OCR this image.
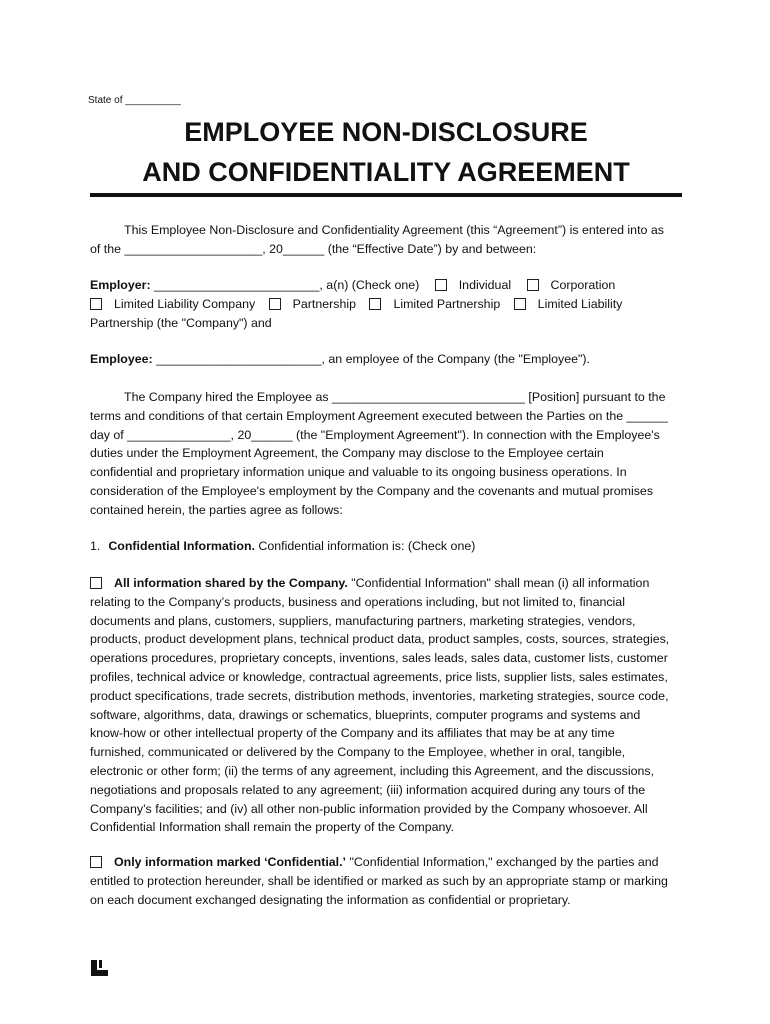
State of __________
EMPLOYEE NON-DISCLOSURE
AND CONFIDENTIALITY AGREEMENT

This Employee Non-Disclosure and Confidentiality Agreement (this “Agreement”) is entered into as
of the ____________________, 20______ (the “Effective Date”) by and between:

Employer: ________________________, a(n) (Check one)	Individual	Corporation
Limited Liability Company	Partnership	Limited Partnership	Limited Liability
Partnership (the "Company") and
Employee: ________________________, an employee of the Company (the "Employee").

The Company hired the Employee as ____________________________ [Position] pursuant to the
terms and conditions of that certain Employment Agreement executed between the Parties on the ______
day of _______________, 20______ (the "Employment Agreement"). In connection with the Employee's
duties under the Employment Agreement, the Company may disclose to the Employee certain
confidential and proprietary information unique and valuable to its ongoing business operations. In
consideration of the Employee's employment by the Company and the covenants and mutual promises
contained herein, the parties agree as follows:

1. Confidential Information. Confidential information is: (Check one)

All information shared by the Company. "Confidential Information" shall mean (i) all information
relating to the Company’s products, business and operations including, but not limited to, financial
documents and plans, customers, suppliers, manufacturing partners, marketing strategies, vendors,
products, product development plans, technical product data, product samples, costs, sources, strategies,
operations procedures, proprietary concepts, inventions, sales leads, sales data, customer lists, customer
profiles, technical advice or knowledge, contractual agreements, price lists, supplier lists, sales estimates,
product specifications, trade secrets, distribution methods, inventories, marketing strategies, source code,
software, algorithms, data, drawings or schematics, blueprints, computer programs and systems and
know-how or other intellectual property of the Company and its affiliates that may be at any time
furnished, communicated or delivered by the Company to the Employee, whether in oral, tangible,
electronic or other form; (ii) the terms of any agreement, including this Agreement, and the discussions,
negotiations and proposals related to any agreement; (iii) information acquired during any tours of the
Company’s facilities; and (iv) all other non-public information provided by the Company whosoever. All
Confidential Information shall remain the property of the Company.

Only information marked ‘Confidential.’ "Confidential Information," exchanged by the parties and
entitled to protection hereunder, shall be identified or marked as such by an appropriate stamp or marking
on each document exchanged designating the information as confidential or proprietary.
